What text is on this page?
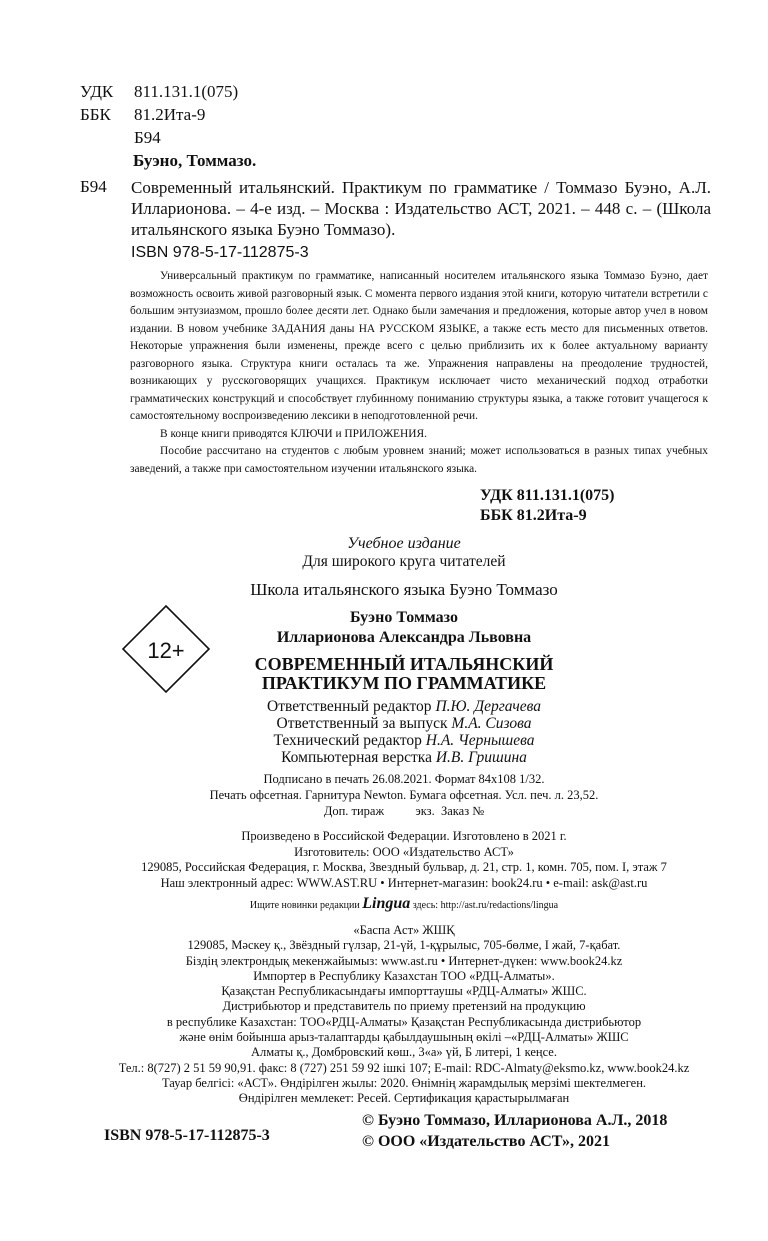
УДК 811.131.1(075)
ББК 81.2Ита-9
Б94
Буэно, Томмазо.
Б94 Современный итальянский. Практикум по грамматике / Томмазо Буэно, А.Л. Илларионова. – 4-е изд. – Москва : Издательство АСТ, 2021. – 448 с. – (Школа итальянского языка Буэно Томмазо).
ISBN 978-5-17-112875-3

Универсальный практикум по грамматике, написанный носителем итальянского языка Томмазо Буэно, дает возможность освоить живой разговорный язык. С момента первого издания этой книги, которую читатели встретили с большим энтузиазмом, прошло более десяти лет. Однако были замечания и предложения, которые автор учел в новом издании. В новом учебнике ЗАДАНИЯ даны НА РУССКОМ ЯЗЫКЕ, а также есть место для письменных ответов. Некоторые упражнения были изменены, прежде всего с целью приблизить их к более актуальному варианту разговорного языка. Структура книги осталась та же. Упражнения направлены на преодоление трудностей, возникающих у русскоговорящих учащихся. Практикум исключает чисто механический подход отработки грамматических конструкций и способствует глубинному пониманию структуры языка, а также готовит учащегося к самостоятельному воспроизведению лексики в неподготовленной речи.

В конце книги приводятся КЛЮЧИ и ПРИЛОЖЕНИЯ.

Пособие рассчитано на студентов с любым уровнем знаний; может использоваться в разных типах учебных заведений, а также при самостоятельном изучении итальянского языка.

УДК 811.131.1(075)
ББК 81.2Ита-9
Учебное издание
Для широкого круга читателей
Школа итальянского языка Буэно Томмазо
Буэно Томмазо
Илларионова Александра Львовна
12+
СОВРЕМЕННЫЙ ИТАЛЬЯНСКИЙ
ПРАКТИКУМ ПО ГРАММАТИКЕ
Ответственный редактор П.Ю. Дергачева
Ответственный за выпуск М.А. Сизова
Технический редактор Н.А. Чернышева
Компьютерная верстка И.В. Гришина
Подписано в печать 26.08.2021. Формат 84x108 1/32.
Печать офсетная. Гарнитура Newton. Бумага офсетная. Усл. печ. л. 23,52.
Доп. тираж          экз.  Заказ №
Произведено в Российской Федерации. Изготовлено в 2021 г.
Изготовитель: ООО «Издательство АСТ»
129085, Российская Федерация, г. Москва, Звездный бульвар, д. 21, стр. 1, комн. 705, пом. I, этаж 7
Наш электронный адрес: WWW.AST.RU • Интернет-магазин: book24.ru • e-mail: ask@ast.ru
Ищите новинки редакции Lingua здесь: http://ast.ru/redactions/lingua
«Баспа Аст» ЖШҚ
129085, Мәскеу қ., Звёздный гүлзар, 21-үй, 1-құрылыс, 705-бөлме, I жай, 7-қабат.
Біздің электрондық мекенжайымыз: www.ast.ru • Интернет-дүкен: www.book24.kz
Импортер в Республику Казахстан ТОО «РДЦ-Алматы».
Қазақстан Республикасындағы импорттаушы «РДЦ-Алматы» ЖШС.
Дистрибьютор и представитель по приему претензий на продукцию
в республике Казахстан: ТОО«РДЦ-Алматы» Қазақстан Республикасында дистрибьютор
және өнім бойынша арыз-талаптарды қабылдаушының өкілі –«РДЦ-Алматы» ЖШС
Алматы қ., Домбровский көш., 3«а» үй, Б литері, 1 кеңсе.
Тел.: 8(727) 2 51 59 90,91. факс: 8 (727) 251 59 92 ішкі 107; E-mail: RDC-Almaty@eksmo.kz, www.book24.kz
Тауар белгісі: «АСТ». Өндірілген жылы: 2020. Өнімнің жарамдылық мерзімі шектелмеген.
Өндірілген мемлекет: Ресей. Сертификация қарастырылмаған
ISBN 978-5-17-112875-3
© Буэно Томмазо, Илларионова А.Л., 2018
© ООО «Издательство АСТ», 2021
